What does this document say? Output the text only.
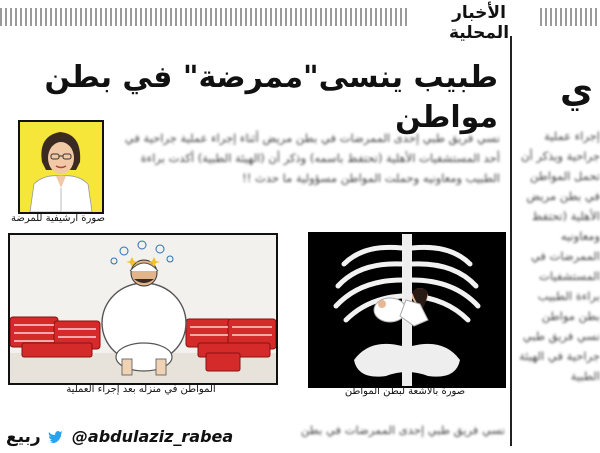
الأخبار المحلية
طبيب ينسى"ممرضة" في بطن مواطن
ي
نسي فريق طبي إحدى الممرضات في بطن مريض أثناء إجراء عملية جراحية في أحد المستشفيات الأهلية (تحتفظ باسمه) وذكر أن (الهيئة الطبية) أكدت براءة الطبيب ومعاونيه وحملت المواطن مسؤولية ما حدث !!
إجراء عملية جراحية ويذكر أن تحمل المواطن في بطن مريض الأهلية (تحتفظ ومعاونيه الممرضات في المستشفيات براءة الطبيب بطن مواطن نسي فريق طبي جراحية في الهيئة الطبية
نسي فريق طبي إحدى الممرضات في بطن
صورة ارشيفية للمرضة
المواطن في منزله بعد إجراء العملية	صورة بالأشعة لبطن المواطن
ربيع @abdulaziz_rabea
